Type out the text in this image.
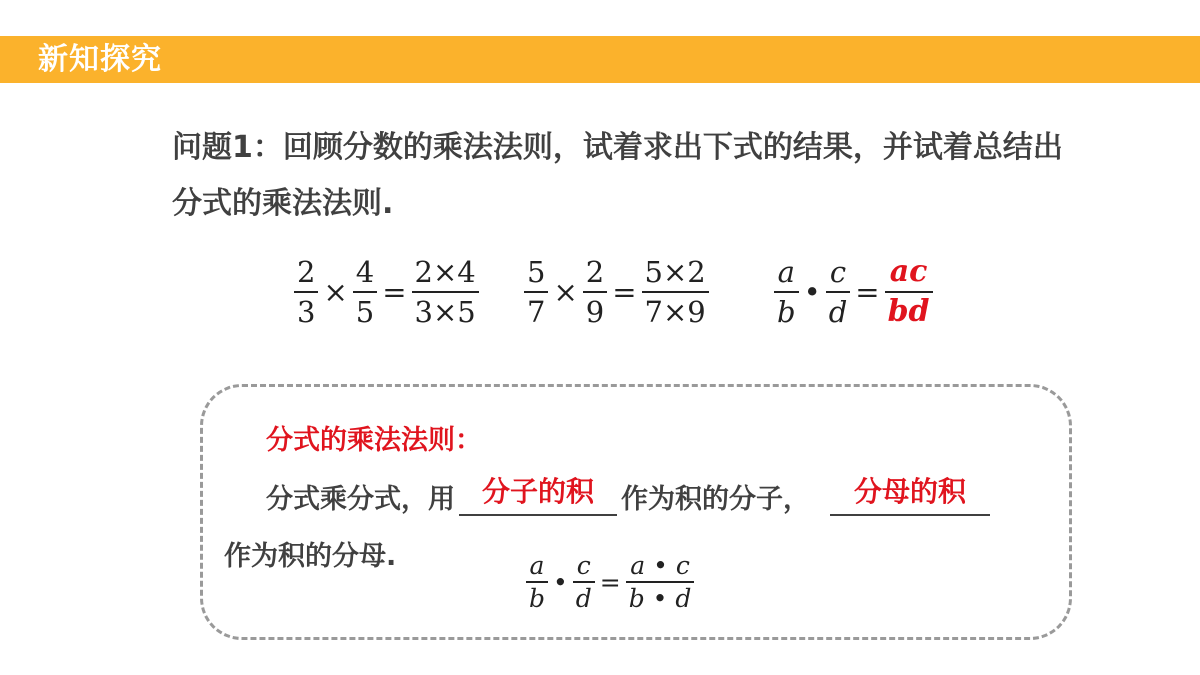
新知探究
问题1：回顾分数的乘法法则，试着求出下式的结果，并试着总结出分式的乘法法则.
$\frac{2}{3} \times \frac{4}{5} = \frac{2\times 4}{3\times 5} \frac{5}{7} \times \frac{2}{9} = \frac{5\times 2}{7\times 9} \frac{a}{b}$ • $\frac{c}{d} = \frac{ac}{bd}$
分式的乘法法则：
分式乘分式，用 分子的积	作为积的分子，	分母的积
作为积的分母.	$\frac{a}{b}$ • $\frac{c}{d} = \frac{a • c}{b • d}$
